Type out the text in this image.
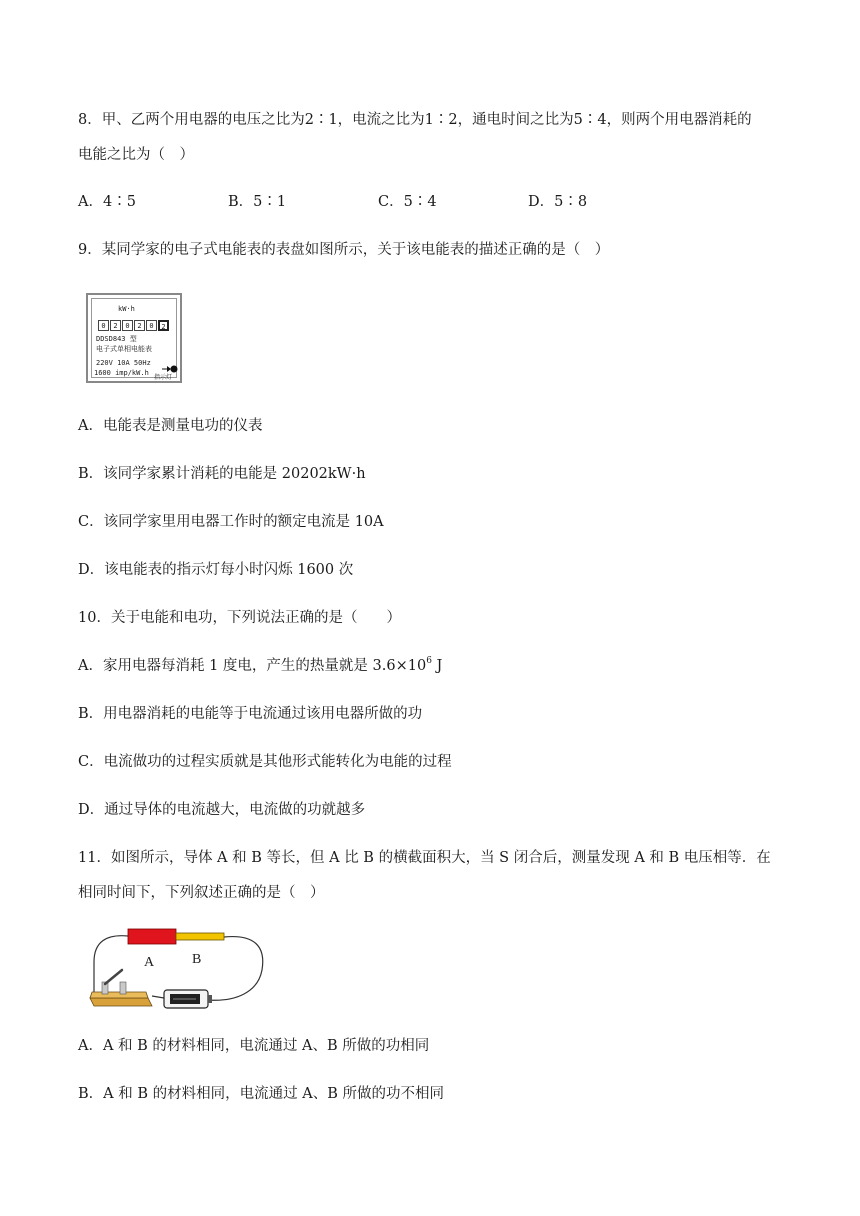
8．甲、乙两个用电器的电压之比为2∶1，电流之比为1∶2，通电时间之比为5∶4，则两个用电器消耗的
电能之比为（　）
A．4∶5	B．5∶1	C．5∶4	D．5∶8
9．某同学家的电子式电能表的表盘如图所示，关于该电能表的描述正确的是（　）
kW·h
0	2	0	2	0	2
DDSD843 型
电子式单相电能表
220V 10A 50Hz
1600 imp/kW.h
指示灯
A．电能表是测量电功的仪表
B．该同学家累计消耗的电能是 20202kW·h
C．该同学家里用电器工作时的额定电流是 10A
D．该电能表的指示灯每小时闪烁 1600 次
10．关于电能和电功，下列说法正确的是（　　）
A．家用电器每消耗 1 度电，产生的热量就是 $3.6\times 10^6$ J
B．用电器消耗的电能等于电流通过该用电器所做的功
C．电流做功的过程实质就是其他形式能转化为电能的过程
D．通过导体的电流越大，电流做的功就越多
11．如图所示，导体 A 和 B 等长，但 A 比 B 的横截面积大，当 S 闭合后，测量发现 A 和 B 电压相等．在
相同时间下，下列叙述正确的是（　）
A	B
A．A 和 B 的材料相同，电流通过 A、B 所做的功相同
B．A 和 B 的材料相同，电流通过 A、B 所做的功不相同
